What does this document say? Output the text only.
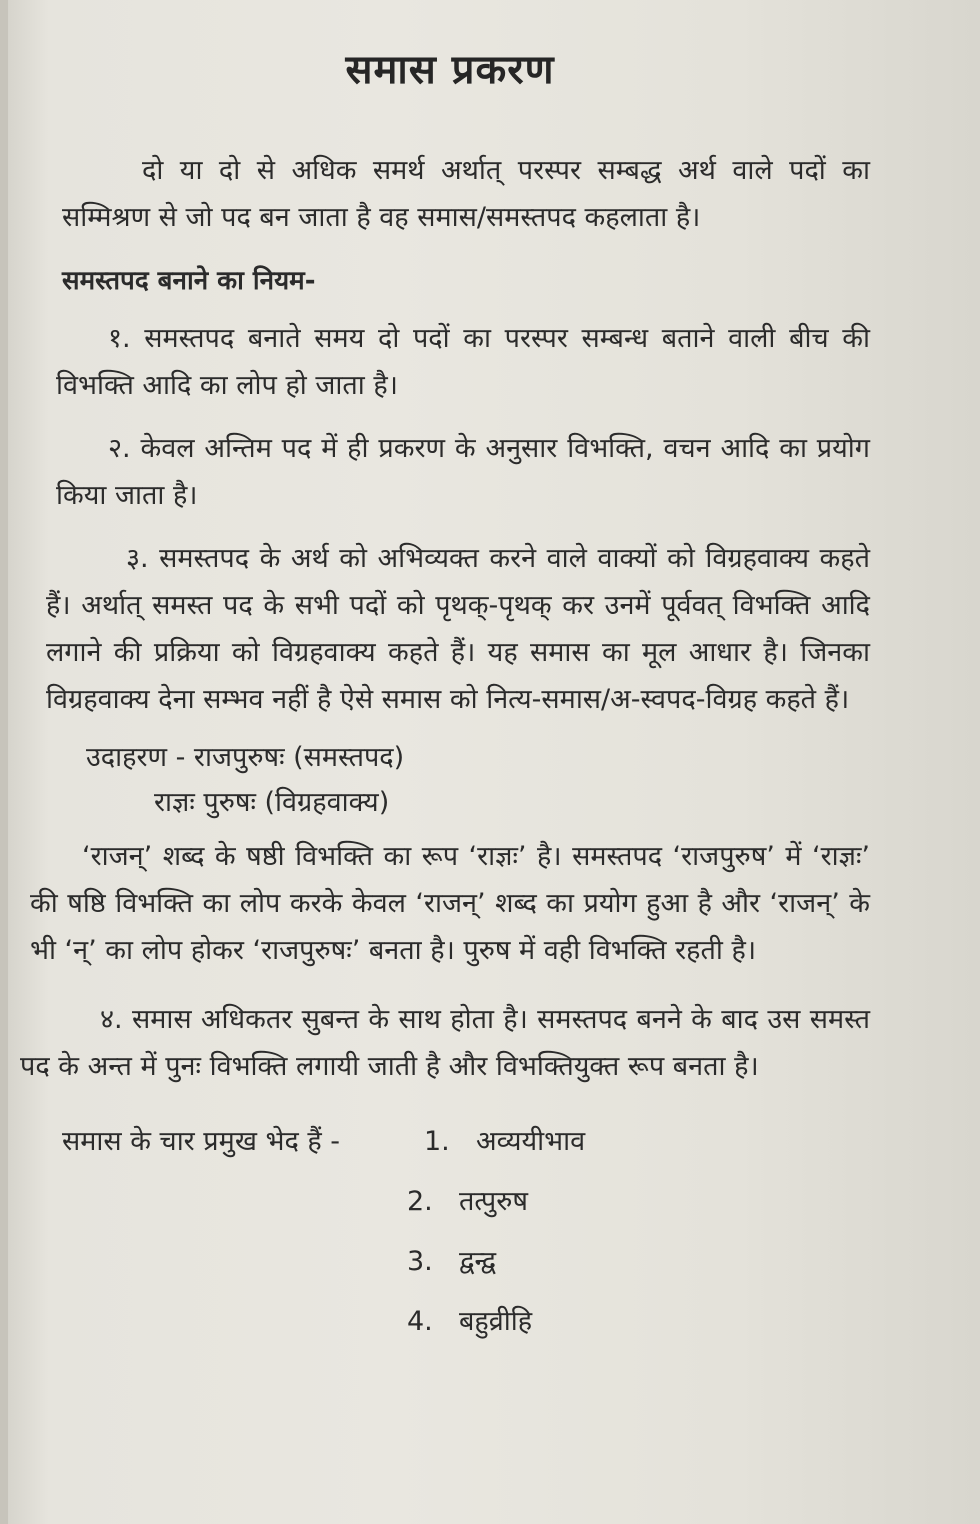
समास प्रकरण

दो या दो से अधिक समर्थ अर्थात् परस्पर सम्बद्ध अर्थ वाले पदों का सम्मिश्रण से जो पद बन जाता है वह समास/समस्तपद कहलाता है।

समस्तपद बनाने का नियम-

१. समस्तपद बनाते समय दो पदों का परस्पर सम्बन्ध बताने वाली बीच की विभक्ति आदि का लोप हो जाता है।

२. केवल अन्तिम पद में ही प्रकरण के अनुसार विभक्ति, वचन आदि का प्रयोग किया जाता है।

३. समस्तपद के अर्थ को अभिव्यक्त करने वाले वाक्यों को विग्रहवाक्य कहते हैं। अर्थात् समस्त पद के सभी पदों को पृथक्-पृथक् कर उनमें पूर्ववत् विभक्ति आदि लगाने की प्रक्रिया को विग्रहवाक्य कहते हैं। यह समास का मूल आधार है। जिनका विग्रहवाक्य देना सम्भव नहीं है ऐसे समास को नित्य-समास/अ-स्वपद-विग्रह कहते हैं।

उदाहरण - राजपुरुषः (समस्तपद)
राज्ञः पुरुषः (विग्रहवाक्य)

‘राजन्’ शब्द के षष्ठी विभक्ति का रूप ‘राज्ञः’ है। समस्तपद ‘राजपुरुष’ में ‘राज्ञः’ की षष्ठि विभक्ति का लोप करके केवल ‘राजन्’ शब्द का प्रयोग हुआ है और ‘राजन्’ के भी ‘न्’ का लोप होकर ‘राजपुरुषः’ बनता है। पुरुष में वही विभक्ति रहती है।

४. समास अधिकतर सुबन्त के साथ होता है। समस्तपद बनने के बाद उस समस्त पद के अन्त में पुनः विभक्ति लगायी जाती है और विभक्तियुक्त रूप बनता है।

समास के चार प्रमुख भेद हैं -	1. अव्ययीभाव
2. तत्पुरुष
3. द्वन्द्व
4. बहुव्रीहि
